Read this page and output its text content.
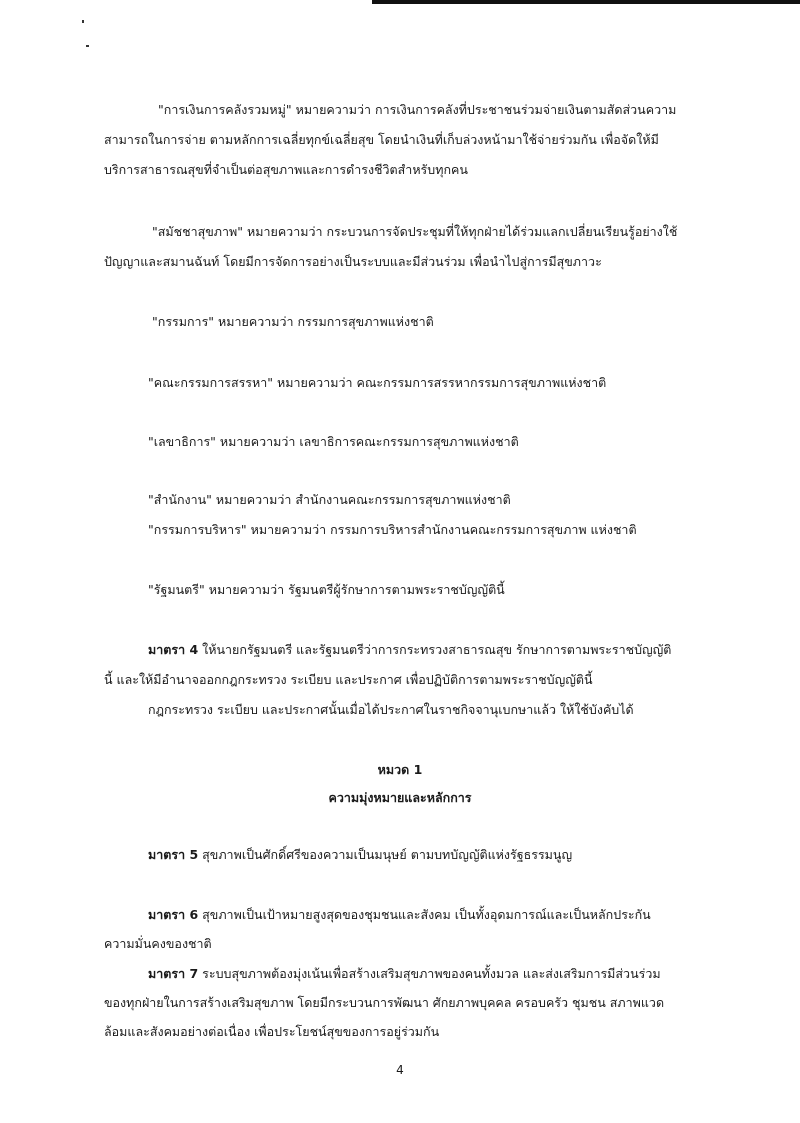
"การเงินการคลังรวมหมู่" หมายความว่า การเงินการคลังที่ประชาชนร่วมจ่ายเงินตามสัดส่วนความ
สามารถในการจ่าย ตามหลักการเฉลี่ยทุกข์เฉลี่ยสุข โดยนำเงินที่เก็บล่วงหน้ามาใช้จ่ายร่วมกัน เพื่อจัดให้มี
บริการสาธารณสุขที่จำเป็นต่อสุขภาพและการดำรงชีวิตสำหรับทุกคน
"สมัชชาสุขภาพ" หมายความว่า กระบวนการจัดประชุมที่ให้ทุกฝ่ายได้ร่วมแลกเปลี่ยนเรียนรู้อย่างใช้
ปัญญาและสมานฉันท์ โดยมีการจัดการอย่างเป็นระบบและมีส่วนร่วม เพื่อนำไปสู่การมีสุขภาวะ
"กรรมการ" หมายความว่า กรรมการสุขภาพแห่งชาติ
"คณะกรรมการสรรหา" หมายความว่า คณะกรรมการสรรหากรรมการสุขภาพแห่งชาติ
"เลขาธิการ" หมายความว่า เลขาธิการคณะกรรมการสุขภาพแห่งชาติ
"สำนักงาน" หมายความว่า สำนักงานคณะกรรมการสุขภาพแห่งชาติ
"กรรมการบริหาร" หมายความว่า กรรมการบริหารสำนักงานคณะกรรมการสุขภาพ แห่งชาติ
"รัฐมนตรี" หมายความว่า รัฐมนตรีผู้รักษาการตามพระราชบัญญัตินี้
มาตรา 4 ให้นายกรัฐมนตรี และรัฐมนตรีว่าการกระทรวงสาธารณสุข รักษาการตามพระราชบัญญัติ
นี้ และให้มีอำนาจออกกฎกระทรวง ระเบียบ และประกาศ เพื่อปฏิบัติการตามพระราชบัญญัตินี้
กฎกระทรวง ระเบียบ และประกาศนั้นเมื่อได้ประกาศในราชกิจจานุเบกษาแล้ว ให้ใช้บังคับได้
หมวด 1
ความมุ่งหมายและหลักการ
มาตรา 5 สุขภาพเป็นศักดิ์ศรีของความเป็นมนุษย์ ตามบทบัญญัติแห่งรัฐธรรมนูญ
มาตรา 6 สุขภาพเป็นเป้าหมายสูงสุดของชุมชนและสังคม เป็นทั้งอุดมการณ์และเป็นหลักประกัน
ความมั่นคงของชาติ
มาตรา 7 ระบบสุขภาพต้องมุ่งเน้นเพื่อสร้างเสริมสุขภาพของคนทั้งมวล และส่งเสริมการมีส่วนร่วม
ของทุกฝ่ายในการสร้างเสริมสุขภาพ โดยมีกระบวนการพัฒนา ศักยภาพบุคคล ครอบครัว ชุมชน สภาพแวด
ล้อมและสังคมอย่างต่อเนื่อง เพื่อประโยชน์สุขของการอยู่ร่วมกัน
4
